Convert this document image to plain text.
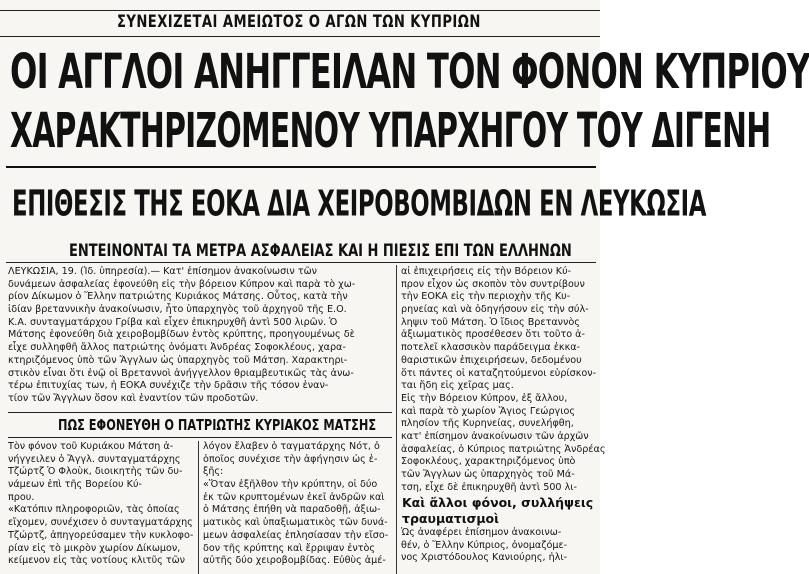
ΣΥΝΕΧΙΖΕΤΑΙ ΑΜΕΙΩΤΟΣ Ο ΑΓΩΝ ΤΩΝ ΚΥΠΡΙΩΝ
ΟΙ ΑΓΓΛΟΙ ΑΝΗΓΓΕΙΛΑΝ ΤΟΝ ΦΟΝΟΝ ΚΥΠΡΙΟΥ
ΧΑΡΑΚΤΗΡΙΖΟΜΕΝΟΥ ΥΠΑΡΧΗΓΟΥ ΤΟΥ ΔΙΓΕΝΗ
ΕΠΙΘΕΣΙΣ ΤΗΣ ΕΟΚΑ ΔΙΑ ΧΕΙΡΟΒΟΜΒΙΔΩΝ ΕΝ ΛΕΥΚΩΣΙΑ
ΕΝΤΕΙΝΟΝΤΑΙ ΤΑ ΜΕΤΡΑ ΑΣΦΑΛΕΙΑΣ ΚΑΙ Η ΠΙΕΣΙΣ ΕΠΙ ΤΩΝ ΕΛΛΗΝΩΝ
ΛΕΥΚΩΣΙΑ, 19. (Ἰδ. ὑπηρεσία).— Κατ' ἐπίσημον ἀνακοίνωσιν τῶν
δυνάμεων ἀσφαλείας ἐφονεύθη εἰς τὴν βόρειον Κύπρον καὶ παρὰ τὸ χω-
ρίον Δίκωμον ὁ Ἕλλην πατριώτης Κυριάκος Μάτσης. Οὗτος, κατὰ τὴν
ἰδίαν βρεταννικὴν ἀνακοίνωσιν, ἦτο ὑπαρχηγὸς τοῦ ἀρχηγοῦ τῆς Ε.Ο.
Κ.Α. συνταγματάρχου Γρίβα καὶ εἶχεν ἐπικηρυχθῆ ἀντὶ 500 λιρῶν. Ὁ
Μάτσης ἐφονεύθη διὰ χειροβομβίδων ἐντὸς κρύπτης, προηγουμένως δὲ
εἶχε συλληφθῆ ἄλλος πατριώτης ὀνόματι Ἀνδρέας Σοφοκλέους, χαρα-
κτηριζόμενος ὑπὸ τῶν Ἄγγλων ὡς ὑπαρχηγὸς τοῦ Μάτση. Χαρακτηρι-
στικὸν εἶναι ὅτι ἐνῷ οἱ Βρεταννοὶ ἀνήγγελλον θριαμβευτικῶς τὰς ἀνω-
τέρω ἐπιτυχίας των, ἡ ΕΟΚΑ συνέχιζε τὴν δρᾶσιν τῆς τόσον ἐναν-
τίον τῶν Ἄγγλων ὅσον καὶ ἐναντίον τῶν προδοτῶν.
αἱ ἐπιχειρήσεις εἰς τὴν Βόρειον Κύ-
προν εἶχον ὡς σκοπὸν τὸν συντρίβουν
τὴν ΕΟΚΑ εἰς τὴν περιοχὴν τῆς Κυ-
ρηνείας καὶ νὰ ὁδηγήσουν εἰς τὴν σύλ-
ληψιν τοῦ Μάτση. Ὁ ἴδιος Βρεταννὸς
ἀξιωματικὸς προσέθεσεν ὅτι τοῦτο ἀ-
ποτελεῖ κλασσικὸν παράδειγμα ἐκκα-
θαριστικῶν ἐπιχειρήσεων, δεδομένου
ὅτι πάντες οἱ καταζητούμενοι εὑρίσκον-
ται ἤδη εἰς χεῖρας μας.
Εἰς τὴν Βόρειον Κύπρον, ἐξ ἄλλου,
καὶ παρὰ τὸ χωρίον Ἅγιος Γεώργιος
πλησίον τῆς Κυρηνείας, συνελήφθη,
κατ' ἐπίσημον ἀνακοίνωσιν τῶν ἀρχῶν
ἀσφαλείας, ὁ Κύπριος πατριώτης Ἀνδρέας
Σοφοκλέους, χαρακτηριζόμενος ὑπὸ
τῶν Ἄγγλων ὡς ὑπαρχηγὸς τοῦ Μά-
τση, εἶχε δὲ ἐπικηρυχθῆ ἀντὶ 500 λι-
Καὶ ἄλλοι φόνοι, συλλήψεις
τραυματισμοὶ
Ὡς ἀναφέρει ἐπίσημον ἀνακοινω-
θέν, ὁ Ἕλλην Κύπριος, ὀνομαζόμε-
νος Χριστόδουλος Κανιούρης, ἡλι-
ΠΩΣ ΕΦΟΝΕΥΘΗ Ο ΠΑΤΡΙΩΤΗΣ ΚΥΡΙΑΚΟΣ ΜΑΤΣΗΣ
Τὸν φόνον τοῦ Κυριάκου Μάτση ἀ-
νήγγειλεν ὁ Ἄγγλ. συνταγματάρχης
Τζώρτζ Ὁ Φλοὺκ, διοικητὴς τῶν δυ-
νάμεων ἐπὶ τῆς Βορείου Κύ-
πρου.
«Κατόπιν πληροφοριῶν, τὰς ὁποίας
εἴχομεν, συνέχισεν ὁ συνταγματάρχης
Τζώρτζ, ἀπηγορεύσαμεν τὴν κυκλοφο-
ρίαν εἰς τὸ μικρὸν χωρίον Δίκωμον,
κείμενον εἰς τὰς νοτίους κλιτῦς τῶν
λόγον ἔλαβεν ὁ ταγματάρχης Νότ, ὁ
ὁποῖος συνέχισε τὴν ἀφήγησιν ὡς ἑ-
ξῆς:
«Ὅταν ἐξῆλθον τὴν κρύπτην, οἱ δύο
ἐκ τῶν κρυπτομένων ἐκεῖ ἀνδρῶν καὶ
ὁ Μάτσης ἐπήθη νὰ παραδοθῇ, ἀξιω-
ματικὸς καὶ ὑπαξιωματικὸς τῶν δυνά-
μεων ἀσφαλείας ἐπλησίασαν τὴν εἴσο-
δον τῆς κρύπτης καὶ ἔρριψαν ἐντὸς
αὐτῆς δύο χειροβομβίδας. Εὐθὺς ἀμέ-
